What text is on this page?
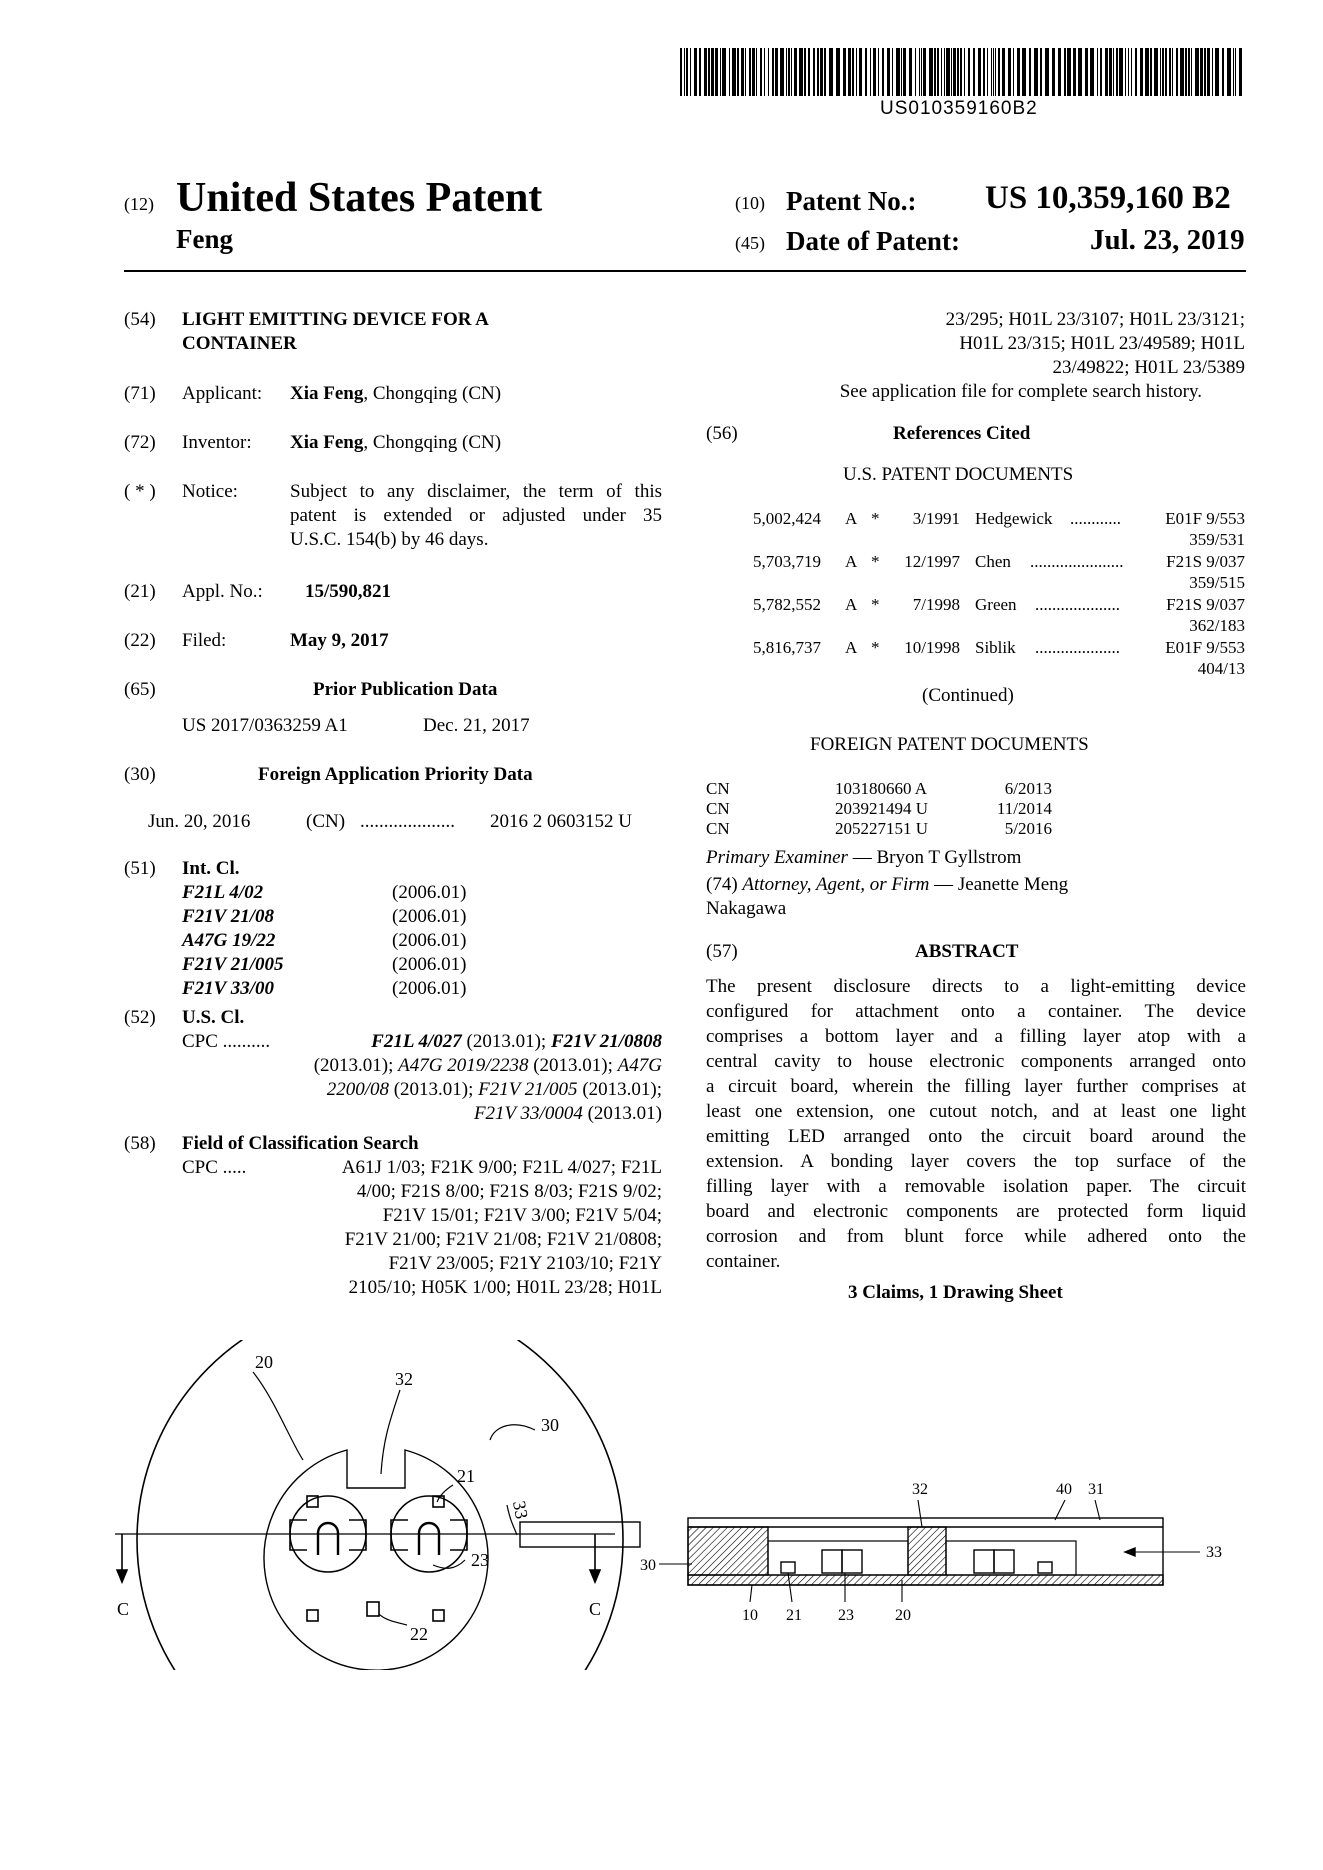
US010359160B2
(12) United States Patent
Feng
(10) Patent No.: US 10,359,160 B2
(45) Date of Patent:	Jul. 23, 2019
(54) LIGHT EMITTING DEVICE FOR A
CONTAINER
(71) Applicant: Xia Feng, Chongqing (CN)
(72) Inventor: Xia Feng, Chongqing (CN)
( * ) Notice:	Subject to any disclaimer, the term of this
patent is extended or adjusted under 35
U.S.C. 154(b) by 46 days.
(21) Appl. No.: 15/590,821
(22) Filed:	May 9, 2017
(65)	Prior Publication Data
US 2017/0363259 A1	Dec. 21, 2017
(30)	Foreign Application Priority Data
Jun. 20, 2016	(CN) .................... 2016 2 0603152 U
(51) Int. Cl.
F21L 4/02	(2006.01)
F21V 21/08	(2006.01)
A47G 19/22	(2006.01)
F21V 21/005	(2006.01)
F21V 33/00	(2006.01)
(52) U.S. Cl.
CPC ..........	F21L 4/027 (2013.01); F21V 21/0808
(2013.01); A47G 2019/2238 (2013.01); A47G
2200/08 (2013.01); F21V 21/005 (2013.01);
F21V 33/0004 (2013.01)
(58) Field of Classification Search
CPC .....	A61J 1/03; F21K 9/00; F21L 4/027; F21L
4/00; F21S 8/00; F21S 8/03; F21S 9/02;
F21V 15/01; F21V 3/00; F21V 5/04;
F21V 21/00; F21V 21/08; F21V 21/0808;
F21V 23/005; F21Y 2103/10; F21Y
2105/10; H05K 1/00; H01L 23/28; H01L
23/295; H01L 23/3107; H01L 23/3121;
H01L 23/315; H01L 23/49589; H01L
23/49822; H01L 23/5389
See application file for complete search history.
(56)	References Cited
U.S. PATENT DOCUMENTS
5,002,424 A *	3/1991 Hedgewick ............	E01F 9/553
359/531
5,703,719 A *	12/1997 Chen ......................	F21S 9/037
359/515
5,782,552 A *	7/1998 Green ....................	F21S 9/037
362/183
5,816,737 A *	10/1998 Siblik ....................	E01F 9/553
404/13
(Continued)
FOREIGN PATENT DOCUMENTS
CN	103180660 A	6/2013
CN	203921494 U	11/2014
CN	205227151 U	5/2016
Primary Examiner — Bryon T Gyllstrom
(74) Attorney, Agent, or Firm — Jeanette Meng
Nakagawa
(57)	ABSTRACT
The present disclosure directs to a light-emitting device
configured for attachment onto a container. The device
comprises a bottom layer and a filling layer atop with a
central cavity to house electronic components arranged onto
a circuit board, wherein the filling layer further comprises at
least one extension, one cutout notch, and at least one light
emitting LED arranged onto the circuit board around the
extension. A bonding layer covers the top surface of the
filling layer with a removable isolation paper. The circuit
board and electronic components are protected form liquid
corrosion and from blunt force while adhered onto the
container.
3 Claims, 1 Drawing Sheet
20
32
30
21
33
23
22
C	C
32	40 31
33
30
10 21 23	20
